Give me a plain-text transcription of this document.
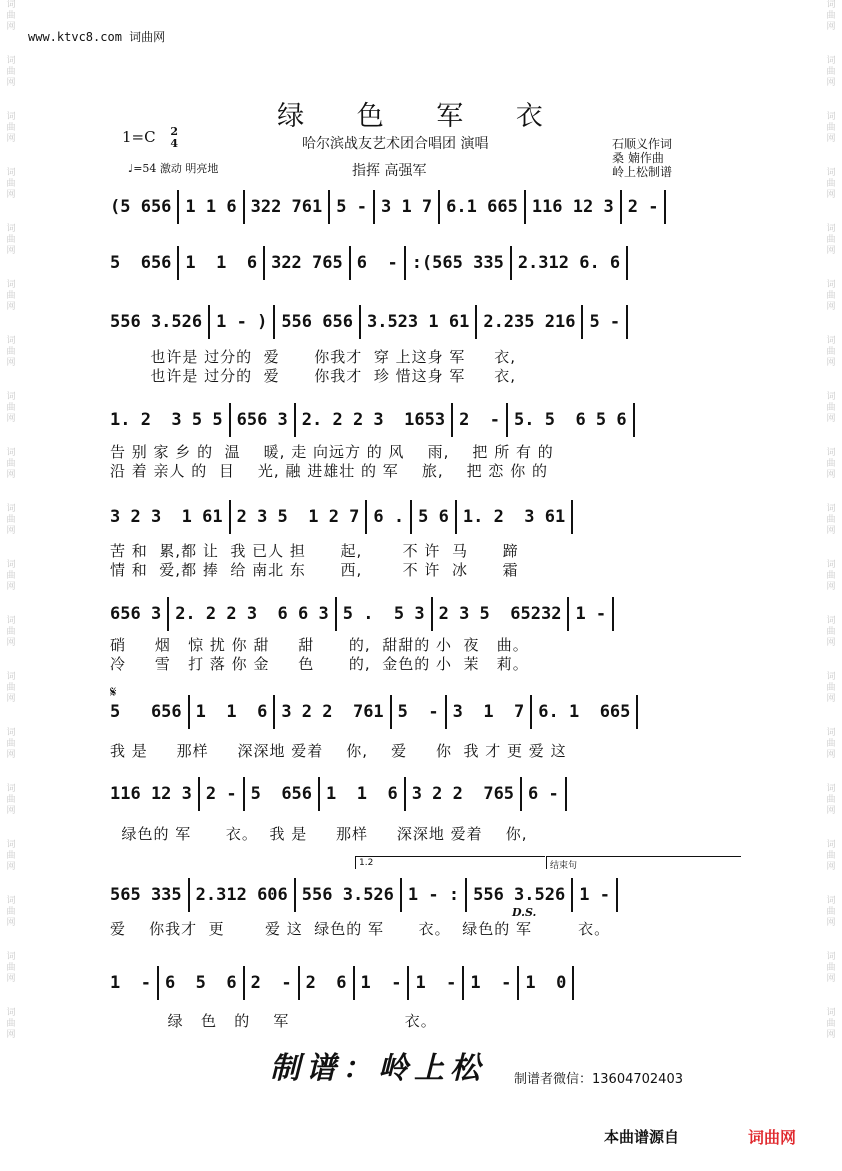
词
曲
网
词
曲
网
词
曲
网
词
曲
网
词
曲
网
词
曲
网
词
曲
网
词
曲
网
词
曲
网
词
曲
网
词
曲
网
词
曲
网
词
曲
网
词
曲
网
词
曲
网
词
曲
网
词
曲
网
词
曲
网
词
曲
网
词
曲
网
词
曲
网
词
曲
网
词
曲
网
词
曲
网
词
曲
网
词
曲
网
词
曲
网
词
曲
网
词
曲
网
词
曲
网
词
曲
网
词
曲
网
词
曲
网
词
曲
网
词
曲
网
词
曲
网
词
曲
网
词
曲
网
www.ktvc8.com 词曲网
绿 色 军 衣
1=C 2
4
♩=54 激动 明亮地
哈尔滨战友艺术团合唱团 演唱
指挥 高强军
石顺义作词
桑 婻作曲
岭上松制谱
(5 656 1 1 6 322 761 5 - 3 1 7 6.1 665 116 12 3 2 -
5  656 1  1  6 322 765 6  - :(565 335 2.312 6. 6
556 3.526 1 - ) 556 656 3.523 1 61 2.235 216 5 -
也许是 过分的  爱      你我才  穿 上这身 军     衣,
也许是 过分的  爱      你我才  珍 惜这身 军     衣,
1. 2  3 5 5 656 3 2. 2 2 3  1653 2  - 5. 5  6 5 6
告 别 家 乡 的  温    暖, 走 向远方 的 风    雨,    把 所 有 的
沿 着 亲人 的  目    光, 融 进雄壮 的 军    旅,    把 恋 你 的
3 2 3  1 61 2 3 5  1 2 7 6 . 5 6 1. 2  3 61
苦 和  累,都 让  我 已人 担      起,       不 许  马      蹄
情 和  爱,都 捧  给 南北 东      西,       不 许  冰      霜
656 3 2. 2 2 3  6 6 3 5 .  5 3 2 3 5  65232 1 -
硝     烟   惊 扰 你 甜     甜      的,  甜甜的 小  夜   曲。
冷     雪   打 落 你 金     色      的,  金色的 小  茉   莉。
5   656 1  1  6 3 2 2  761 5  - 3  1  7 6. 1  665
我 是     那样     深深地 爱着    你,    爱     你  我 才 更 爱 这
116 12 3 2 - 5  656 1  1  6 3 2 2  765 6 -
绿色的 军      衣。  我 是     那样     深深地 爱着    你,
565 335 2.312 606 556 3.526 1 - : 556 3.526 1 -
爱    你我才  更       爱 这  绿色的 军      衣。  绿色的 军        衣。
1  - 6  5  6 2  - 2  6 1  - 1  - 1  - 1  0
绿   色   的    军                    衣。
1.2	结束句
D.S.
𝄋
制谱：岭上松 制谱者微信：13604702403
本曲谱源自	词曲网
